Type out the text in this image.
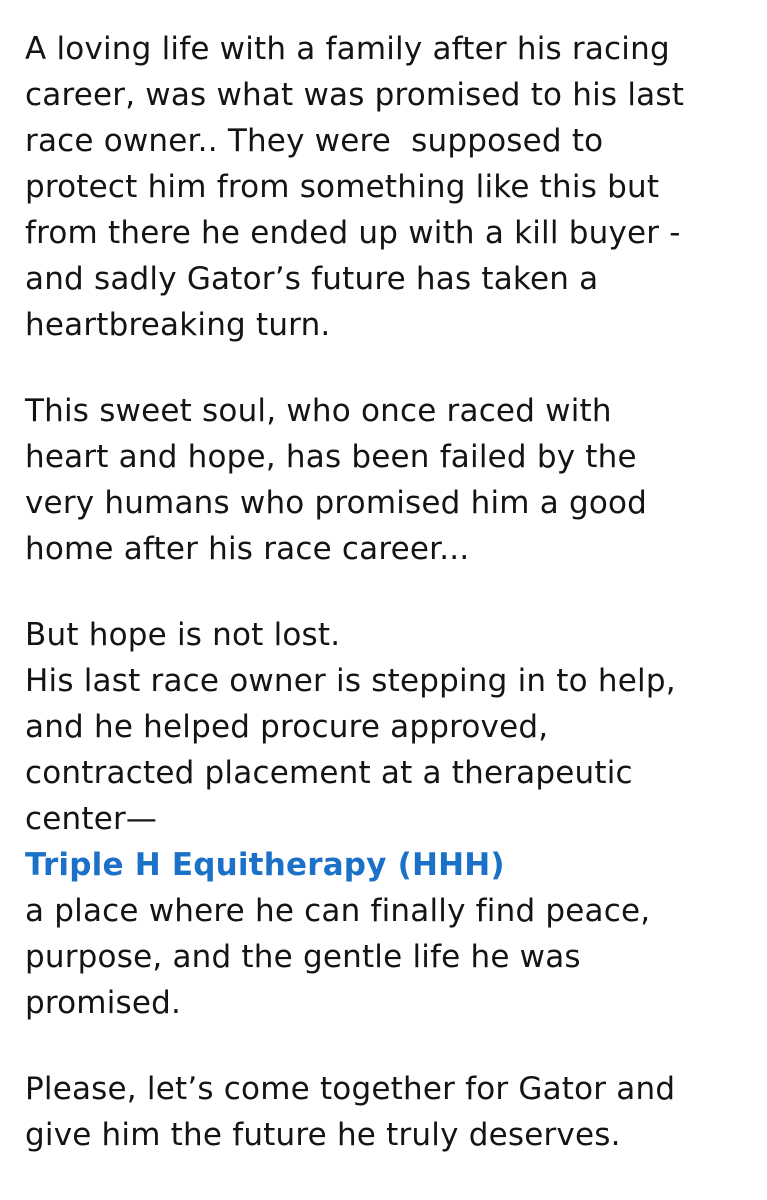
A loving life with a family after his racing
career, was what was promised to his last
race owner.. They were  supposed to
protect him from something like this but
from there he ended up with a kill buyer -
and sadly Gator’s future has taken a
heartbreaking turn.
This sweet soul, who once raced with
heart and hope, has been failed by the
very humans who promised him a good
home after his race career...
But hope is not lost.
His last race owner is stepping in to help,
and he helped procure approved,
contracted placement at a therapeutic
center—
Triple H Equitherapy (HHH)
a place where he can finally find peace,
purpose, and the gentle life he was
promised.
Please, let’s come together for Gator and
give him the future he truly deserves.
